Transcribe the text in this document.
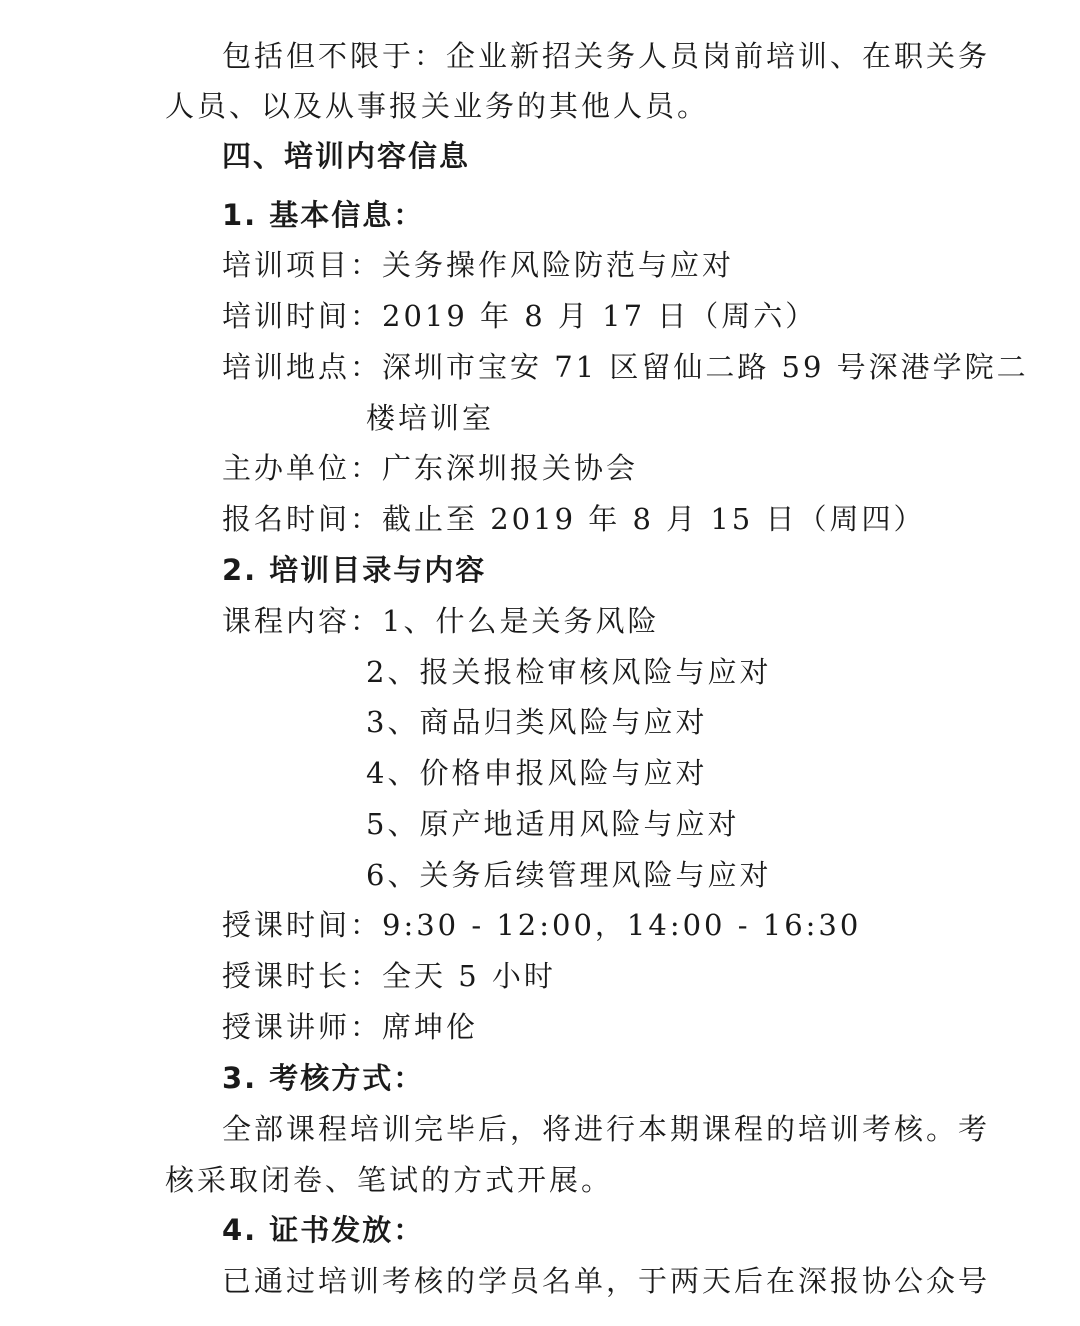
包括但不限于：企业新招关务人员岗前培训、在职关务
人员、以及从事报关业务的其他人员。
四、培训内容信息
1. 基本信息：
培训项目：关务操作风险防范与应对
培训时间：2019 年 8 月 17 日（周六）
培训地点：深圳市宝安 71 区留仙二路 59 号深港学院二
楼培训室
主办单位：广东深圳报关协会
报名时间：截止至 2019 年 8 月 15 日（周四）
2. 培训目录与内容
课程内容：1、什么是关务风险
2、报关报检审核风险与应对
3、商品归类风险与应对
4、价格申报风险与应对
5、原产地适用风险与应对
6、关务后续管理风险与应对
授课时间：9:30 - 12:00，14:00 - 16:30
授课时长：全天 5 小时
授课讲师：席坤伦
3. 考核方式：
全部课程培训完毕后，将进行本期课程的培训考核。考
核采取闭卷、笔试的方式开展。
4. 证书发放：
已通过培训考核的学员名单，于两天后在深报协公众号
